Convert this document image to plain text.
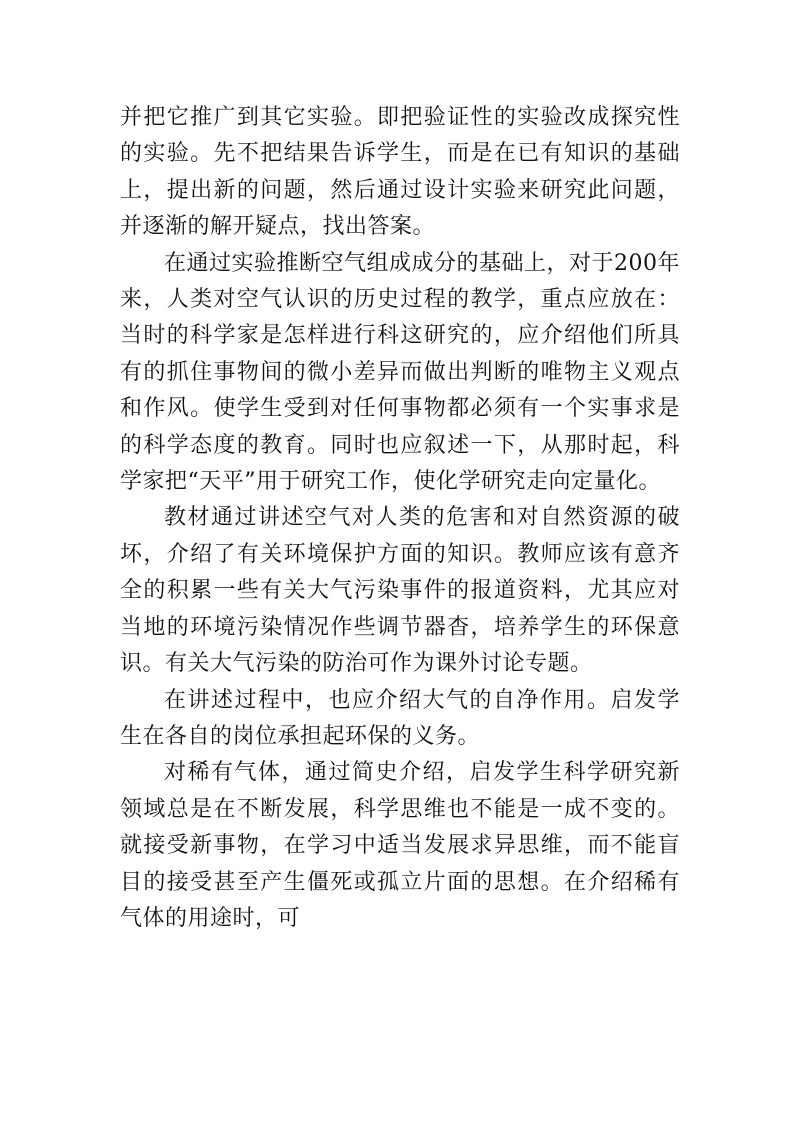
并把它推广到其它实验。即把验证性的实验改成探究性的实验。先不把结果告诉学生，而是在已有知识的基础上，提出新的问题，然后通过设计实验来研究此问题，并逐渐的解开疑点，找出答案。

在通过实验推断空气组成成分的基础上，对于200年来，人类对空气认识的历史过程的教学，重点应放在：当时的科学家是怎样进行科这研究的，应介绍他们所具有的抓住事物间的微小差异而做出判断的唯物主义观点和作风。使学生受到对任何事物都必须有一个实事求是的科学态度的教育。同时也应叙述一下，从那时起，科学家把“天平”用于研究工作，使化学研究走向定量化。

教材通过讲述空气对人类的危害和对自然资源的破坏，介绍了有关环境保护方面的知识。教师应该有意齐全的积累一些有关大气污染事件的报道资料，尤其应对当地的环境污染情况作些调节器杳，培养学生的环保意识。有关大气污染的防治可作为课外讨论专题。

在讲述过程中，也应介绍大气的自净作用。启发学生在各自的岗位承担起环保的义务。

对稀有气体，通过简史介绍，启发学生科学研究新领域总是在不断发展，科学思维也不能是一成不变的。就接受新事物，在学习中适当发展求异思维，而不能盲目的接受甚至产生僵死或孤立片面的思想。在介绍稀有气体的用途时，可
